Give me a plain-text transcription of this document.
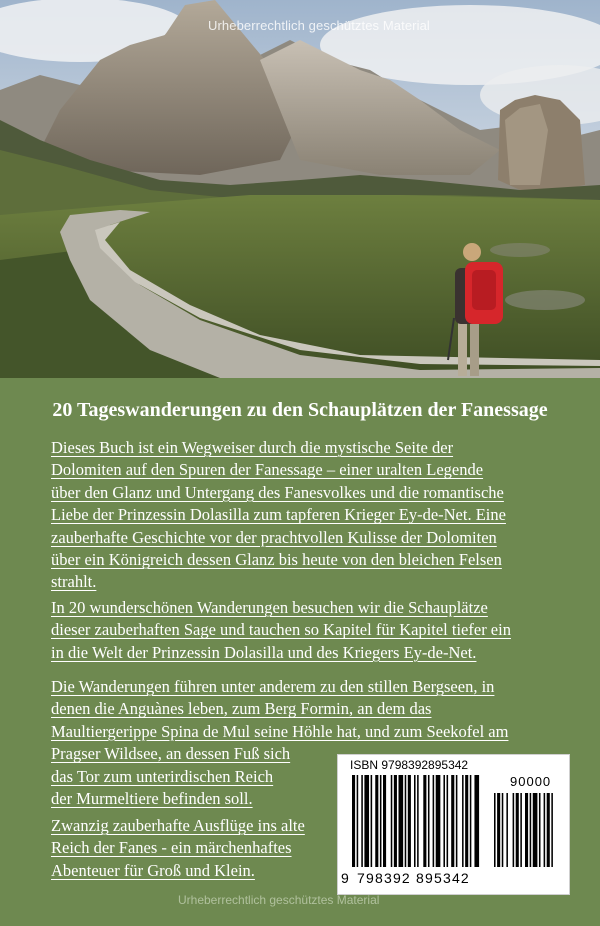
Urheberrechtlich geschütztes Material
20 Tageswanderungen zu den Schauplätzen der Fanessage
Dieses Buch ist ein Wegweiser durch die mystische Seite der
Dolomiten auf den Spuren der Fanessage – einer uralten Legende
über den Glanz und Untergang des Fanesvolkes und die romantische
Liebe der Prinzessin Dolasilla zum tapferen Krieger Ey-de-Net. Eine
zauberhafte Geschichte vor der prachtvollen Kulisse der Dolomiten
über ein Königreich dessen Glanz bis heute von den bleichen Felsen
strahlt.
In 20 wunderschönen Wanderungen besuchen wir die Schauplätze
dieser zauberhaften Sage und tauchen so Kapitel für Kapitel tiefer ein
in die Welt der Prinzessin Dolasilla und des Kriegers Ey-de-Net.
Die Wanderungen führen unter anderem zu den stillen Bergseen, in
denen die Anguànes leben, zum Berg Formin, an dem das
Maultiergerippe Spina de Mul seine Höhle hat, und zum Seekofel am
Pragser Wildsee, an dessen Fuß sich
das Tor zum unterirdischen Reich
der Murmeltiere befinden soll.
Zwanzig zauberhafte Ausflüge ins alte
Reich der Fanes - ein märchenhaftes
Abenteuer für Groß und Klein.
ISBN 9798392895342
90000
9 798392 895342
Urheberrechtlich geschütztes Material
